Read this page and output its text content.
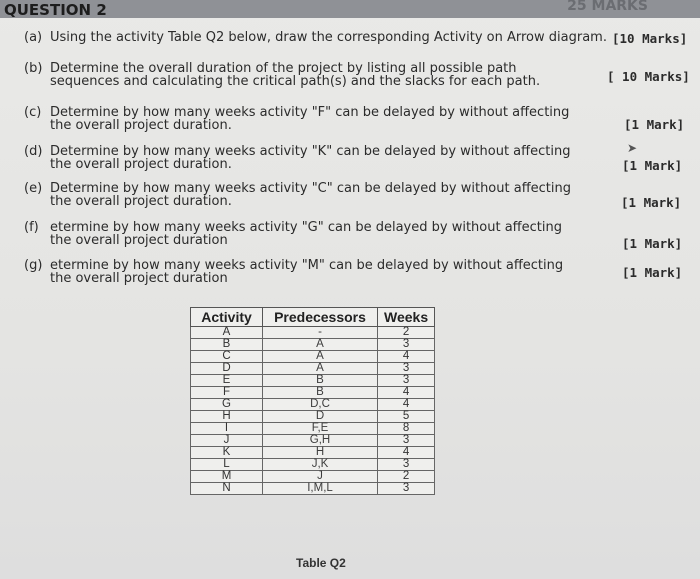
QUESTION 2	25 MARKS
(a) Using the activity Table Q2 below, draw the corresponding Activity on Arrow diagram. [10 Marks]
(b) Determine the overall duration of the project by listing all possible path
sequences and calculating the critical path(s) and the slacks for each path.	[ 10 Marks]
(c) Determine by how many weeks activity "F" can be delayed by without affecting
the overall project duration.	[1 Mark]
(d) Determine by how many weeks activity "K" can be delayed by without affecting
the overall project duration.
➤
[1 Mark]
(e) Determine by how many weeks activity "C" can be delayed by without affecting
the overall project duration.	[1 Mark]
(f) etermine by how many weeks activity "G" can be delayed by without affecting
the overall project duration	[1 Mark]
(g) etermine by how many weeks activity "M" can be delayed by without affecting
the overall project duration	[1 Mark]
Activity	Predecessors	Weeks
A	-	2
B	A	3
C	A	4
D	A	3
E	B	3
F	B	4
G	D,C	4
H	D	5
I	F,E	8
J	G,H	3
K	H	4
L	J,K	3
M	J	2
N	I,M,L	3
Table Q2
